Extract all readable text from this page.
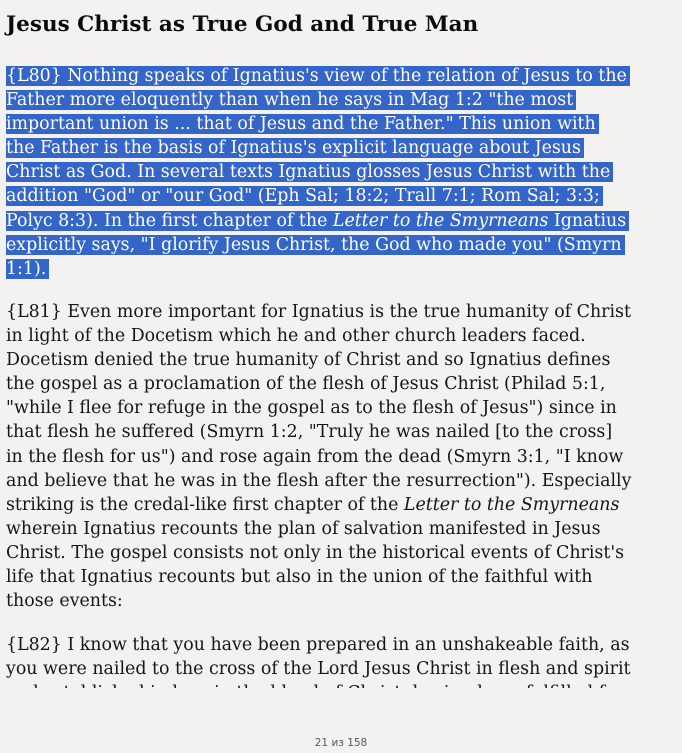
Jesus Christ as True God and True Man
{L80} Nothing speaks of Ignatius's view of the relation of Jesus to the
Father more eloquently than when he says in Mag 1:2 "the most
important union is ... that of Jesus and the Father." This union with
the Father is the basis of Ignatius's explicit language about Jesus
Christ as God. In several texts Ignatius glosses Jesus Christ with the
addition "God" or "our God" (Eph Sal; 18:2; Trall 7:1; Rom Sal; 3:3;
Polyc 8:3). In the first chapter of the Letter to the Smyrneans Ignatius
explicitly says, "I glorify Jesus Christ, the God who made you" (Smyrn
1:1).
{L81} Even more important for Ignatius is the true humanity of Christ
in light of the Docetism which he and other church leaders faced.
Docetism denied the true humanity of Christ and so Ignatius defines
the gospel as a proclamation of the flesh of Jesus Christ (Philad 5:1,
"while I flee for refuge in the gospel as to the flesh of Jesus") since in
that flesh he suffered (Smyrn 1:2, "Truly he was nailed [to the cross]
in the flesh for us") and rose again from the dead (Smyrn 3:1, "I know
and believe that he was in the flesh after the resurrection"). Especially
striking is the credal-like first chapter of the Letter to the Smyrneans
wherein Ignatius recounts the plan of salvation manifested in Jesus
Christ. The gospel consists not only in the historical events of Christ's
life that Ignatius recounts but also in the union of the faithful with
those events:
{L82} I know that you have been prepared in an unshakeable faith, as
you were nailed to the cross of the Lord Jesus Christ in flesh and spirit
21 из 158
